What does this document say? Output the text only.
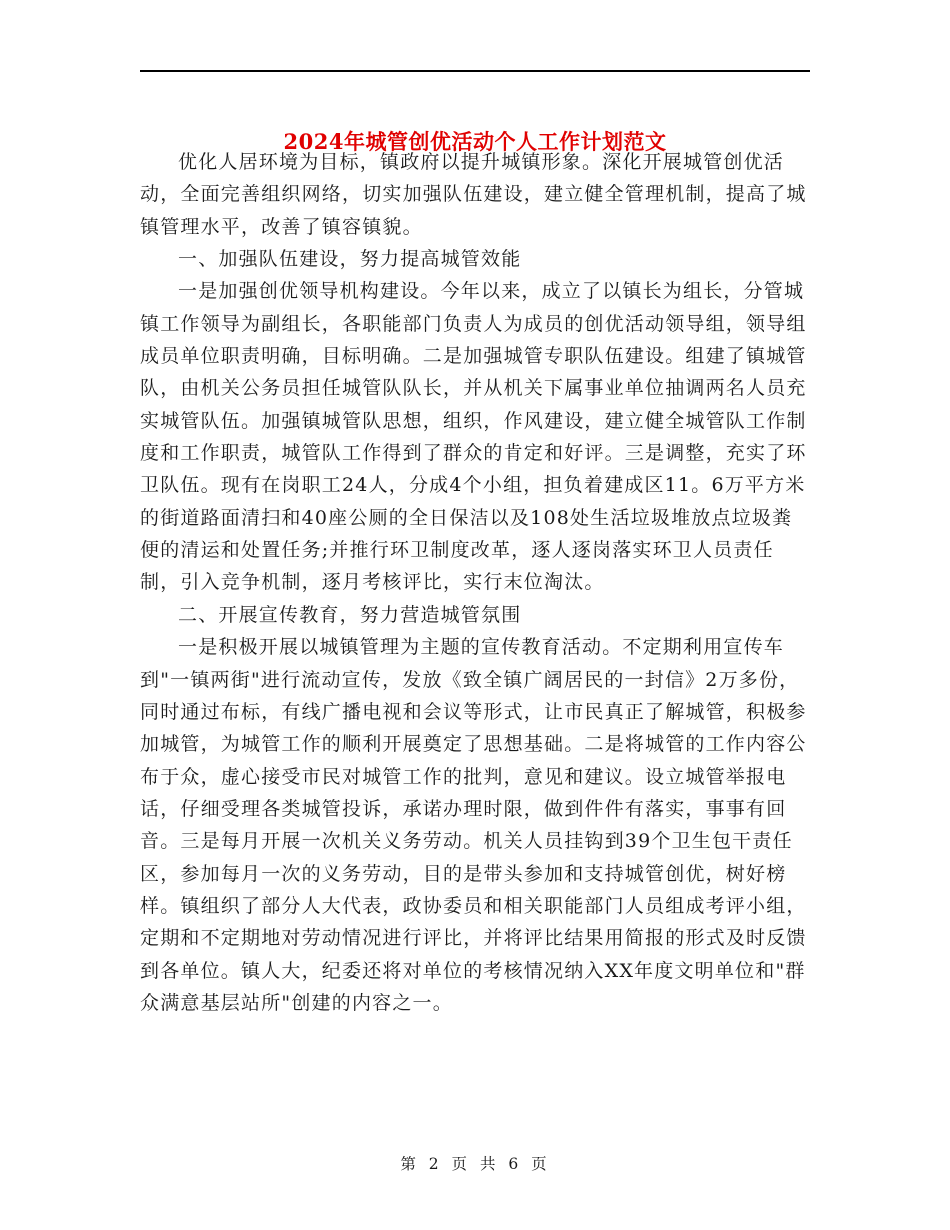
2024年城管创优活动个人工作计划范文

优化人居环境为目标，镇政府以提升城镇形象。深化开展城管创优活动，全面完善组织网络，切实加强队伍建设，建立健全管理机制，提高了城镇管理水平，改善了镇容镇貌。

一、加强队伍建设，努力提高城管效能

一是加强创优领导机构建设。今年以来，成立了以镇长为组长，分管城镇工作领导为副组长，各职能部门负责人为成员的创优活动领导组，领导组成员单位职责明确，目标明确。二是加强城管专职队伍建设。组建了镇城管队，由机关公务员担任城管队队长，并从机关下属事业单位抽调两名人员充实城管队伍。加强镇城管队思想，组织，作风建设，建立健全城管队工作制度和工作职责，城管队工作得到了群众的肯定和好评。三是调整，充实了环卫队伍。现有在岗职工24人，分成4个小组，担负着建成区11。6万平方米的街道路面清扫和40座公厕的全日保洁以及108处生活垃圾堆放点垃圾粪便的清运和处置任务;并推行环卫制度改革，逐人逐岗落实环卫人员责任制，引入竞争机制，逐月考核评比，实行末位淘汰。

二、开展宣传教育，努力营造城管氛围

一是积极开展以城镇管理为主题的宣传教育活动。不定期利用宣传车到"一镇两街"进行流动宣传，发放《致全镇广阔居民的一封信》2万多份，同时通过布标，有线广播电视和会议等形式，让市民真正了解城管，积极参加城管，为城管工作的顺利开展奠定了思想基础。二是将城管的工作内容公布于众，虚心接受市民对城管工作的批判，意见和建议。设立城管举报电话，仔细受理各类城管投诉，承诺办理时限，做到件件有落实，事事有回音。三是每月开展一次机关义务劳动。机关人员挂钩到39个卫生包干责任区，参加每月一次的义务劳动，目的是带头参加和支持城管创优，树好榜样。镇组织了部分人大代表，政协委员和相关职能部门人员组成考评小组，定期和不定期地对劳动情况进行评比，并将评比结果用简报的形式及时反馈到各单位。镇人大，纪委还将对单位的考核情况纳入XX年度文明单位和"群众满意基层站所"创建的内容之一。

第 2 页 共 6 页
